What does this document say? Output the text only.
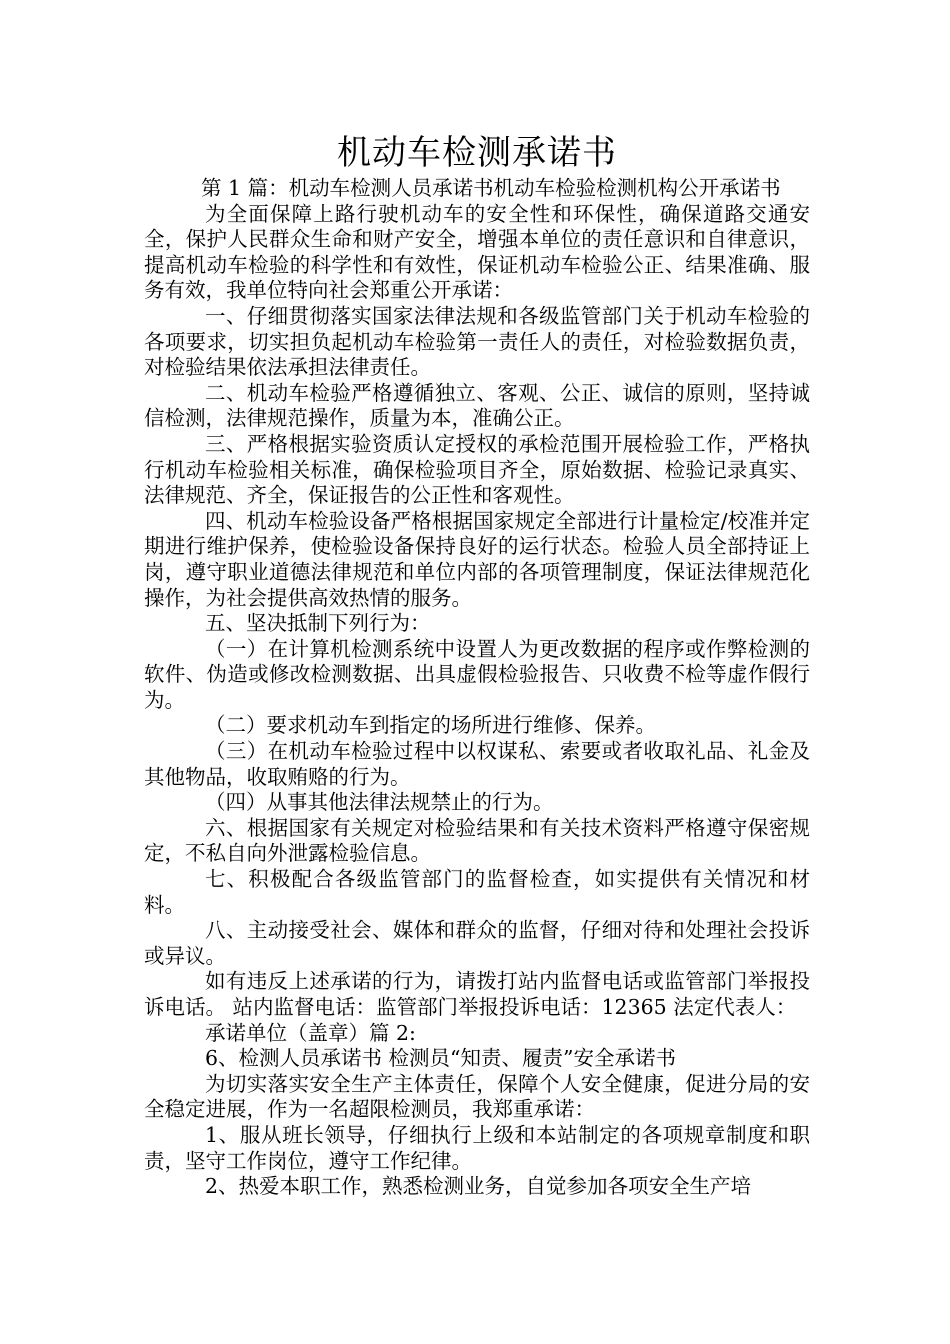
机动车检测承诺书

第 1 篇：机动车检测人员承诺书机动车检验检测机构公开承诺书

为全面保障上路行驶机动车的安全性和环保性，确保道路交通安全，保护人民群众生命和财产安全，增强本单位的责任意识和自律意识，提高机动车检验的科学性和有效性，保证机动车检验公正、结果准确、服务有效，我单位特向社会郑重公开承诺：

一、仔细贯彻落实国家法律法规和各级监管部门关于机动车检验的各项要求，切实担负起机动车检验第一责任人的责任，对检验数据负责，对检验结果依法承担法律责任。

二、机动车检验严格遵循独立、客观、公正、诚信的原则，坚持诚信检测，法律规范操作，质量为本，准确公正。

三、严格根据实验资质认定授权的承检范围开展检验工作，严格执行机动车检验相关标准，确保检验项目齐全，原始数据、检验记录真实、法律规范、齐全，保证报告的公正性和客观性。

四、机动车检验设备严格根据国家规定全部进行计量检定/校准并定期进行维护保养，使检验设备保持良好的运行状态。检验人员全部持证上岗，遵守职业道德法律规范和单位内部的各项管理制度，保证法律规范化操作，为社会提供高效热情的服务。

五、坚决抵制下列行为：

（一）在计算机检测系统中设置人为更改数据的程序或作弊检测的软件、伪造或修改检测数据、出具虚假检验报告、只收费不检等虚作假行为。

（二）要求机动车到指定的场所进行维修、保养。

（三）在机动车检验过程中以权谋私、索要或者收取礼品、礼金及其他物品，收取贿赂的行为。

（四）从事其他法律法规禁止的行为。

六、根据国家有关规定对检验结果和有关技术资料严格遵守保密规定，不私自向外泄露检验信息。

七、积极配合各级监管部门的监督检查，如实提供有关情况和材料。

八、主动接受社会、媒体和群众的监督，仔细对待和处理社会投诉或异议。

如有违反上述承诺的行为，请拨打站内监督电话或监管部门举报投诉电话。 站内监督电话：监管部门举报投诉电话：12365 法定代表人：

承诺单位（盖章）篇 2:

6、检测人员承诺书 检测员“知责、履责”安全承诺书

为切实落实安全生产主体责任，保障个人安全健康，促进分局的安全稳定进展，作为一名超限检测员，我郑重承诺：

1、服从班长领导，仔细执行上级和本站制定的各项规章制度和职责，坚守工作岗位，遵守工作纪律。

2、热爱本职工作，熟悉检测业务，自觉参加各项安全生产培
